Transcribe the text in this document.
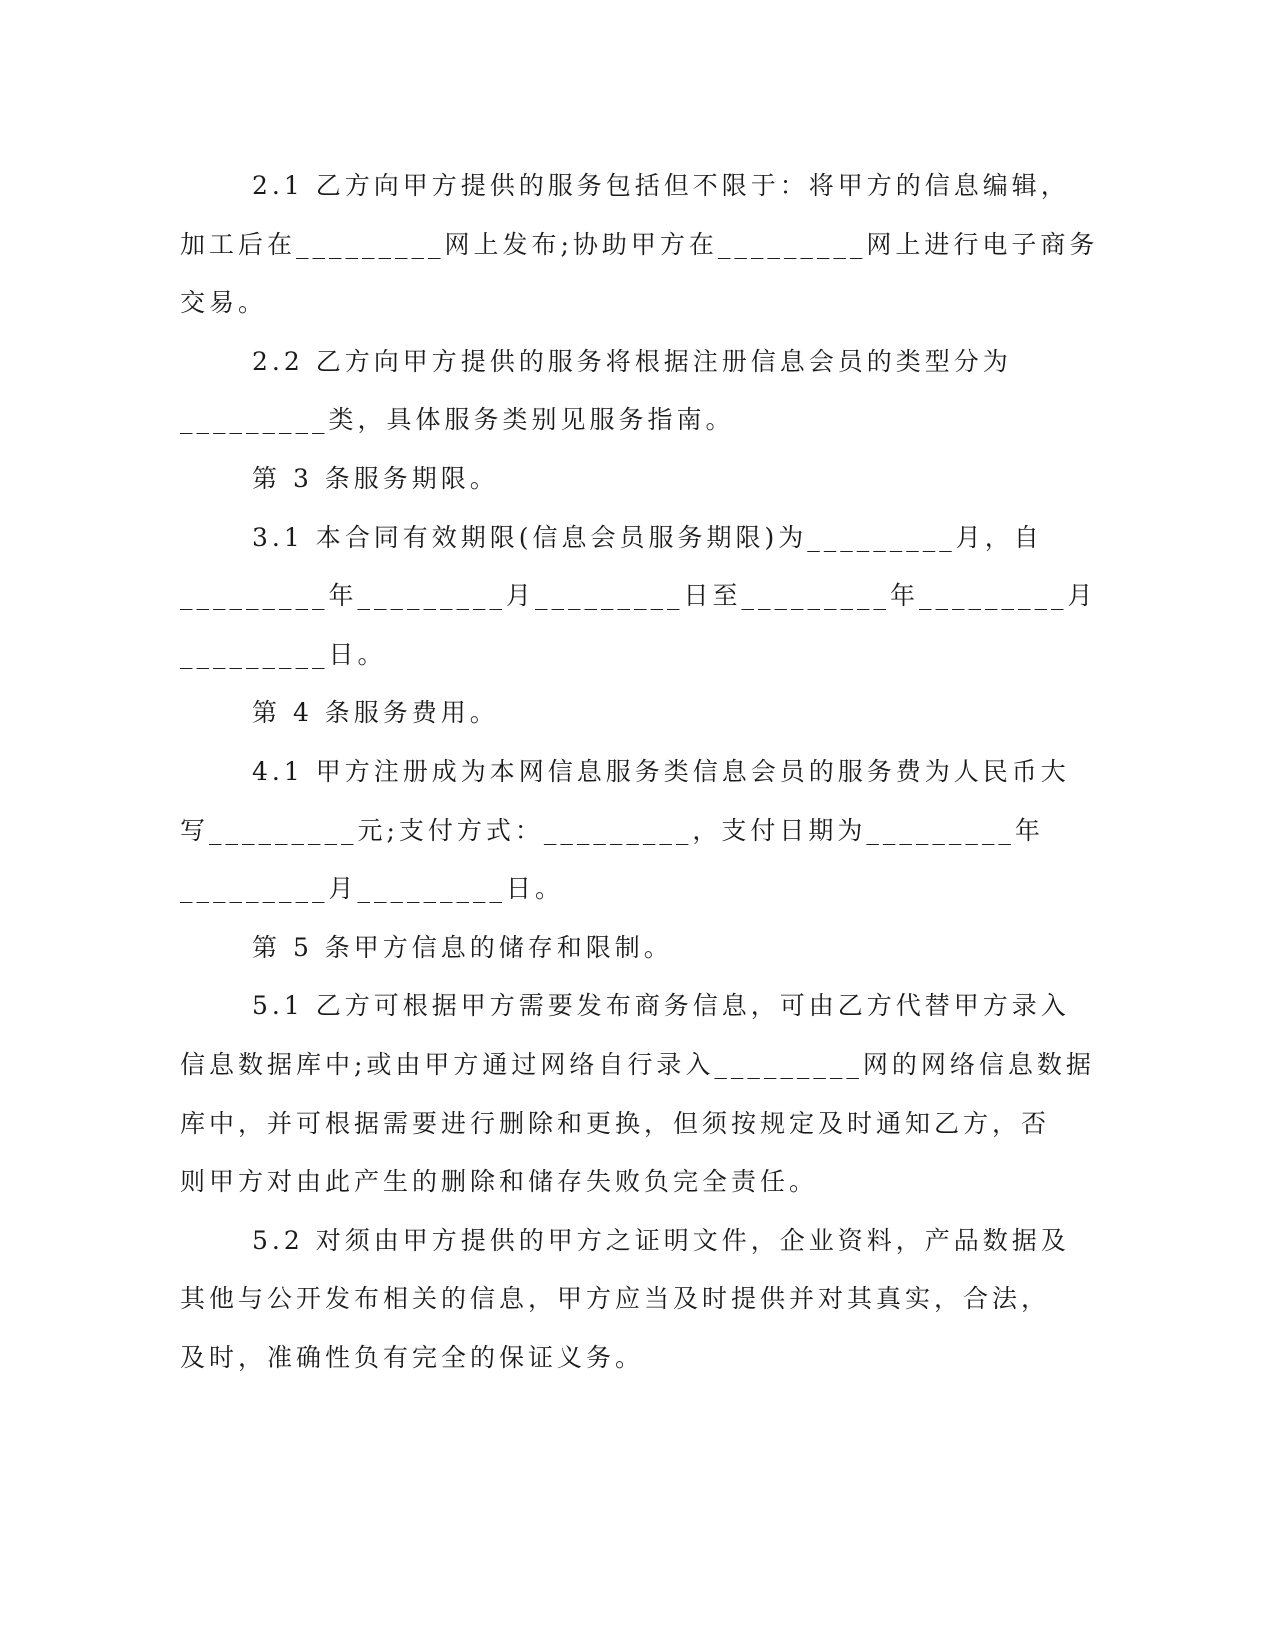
2.1 乙方向甲方提供的服务包括但不限于：将甲方的信息编辑，
加工后在_________网上发布;协助甲方在_________网上进行电子商务
交易。
2.2 乙方向甲方提供的服务将根据注册信息会员的类型分为
_________类，具体服务类别见服务指南。
第 3 条服务期限。
3.1 本合同有效期限(信息会员服务期限)为_________月，自
_________年_________月_________日至_________年_________月
_________日。
第 4 条服务费用。
4.1 甲方注册成为本网信息服务类信息会员的服务费为人民币大
写_________元;支付方式：_________，支付日期为_________年
_________月_________日。
第 5 条甲方信息的储存和限制。
5.1 乙方可根据甲方需要发布商务信息，可由乙方代替甲方录入
信息数据库中;或由甲方通过网络自行录入_________网的网络信息数据
库中，并可根据需要进行删除和更换，但须按规定及时通知乙方，否
则甲方对由此产生的删除和储存失败负完全责任。
5.2 对须由甲方提供的甲方之证明文件，企业资料，产品数据及
其他与公开发布相关的信息，甲方应当及时提供并对其真实，合法，
及时，准确性负有完全的保证义务。
